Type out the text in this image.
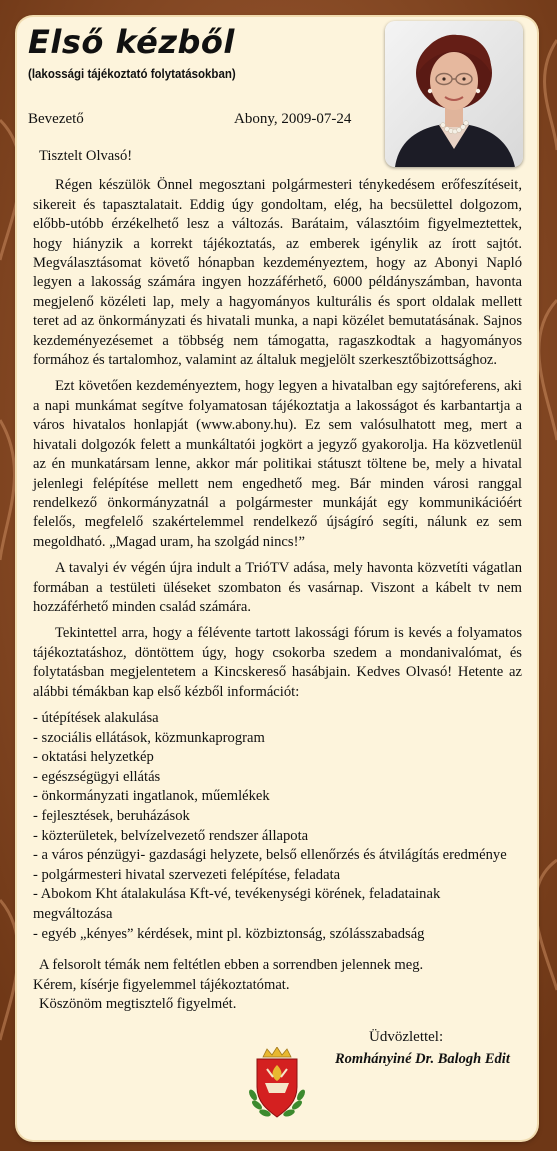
Első kézből
(lakossági tájékoztató folytatásokban)
Bevezető	Abony, 2009-07-24

Tisztelt Olvasó!

Régen készülök Önnel megosztani polgármesteri ténykedésem erőfeszítéseit, sikereit és tapasztalatait. Eddig úgy gondoltam, elég, ha becsülettel dolgozom, előbb-utóbb érzékelhető lesz a változás. Barátaim, választóim figyelmeztettek, hogy hiányzik a korrekt tájékoztatás, az emberek igénylik az írott sajtót. Megválasztásomat követő hónapban kezdeményeztem, hogy az Abonyi Napló legyen a lakosság számára ingyen hozzáférhető, 6000 példányszámban, havonta megjelenő közéleti lap, mely a hagyományos kulturális és sport oldalak mellett teret ad az önkormányzati és hivatali munka, a napi közélet bemutatásának. Sajnos kezdeményezésemet a többség nem támogatta, ragaszkodtak a hagyományos formához és tartalomhoz, valamint az általuk megjelölt szerkesztőbizottsághoz.

Ezt követően kezdeményeztem, hogy legyen a hivatalban egy sajtóreferens, aki a napi munkámat segítve folyamatosan tájékoztatja a lakosságot és karbantartja a város hivatalos honlapját (www.abony.hu). Ez sem valósulhatott meg, mert a hivatali dolgozók felett a munkáltatói jogkört a jegyző gyakorolja. Ha közvetlenül az én munkatársam lenne, akkor már politikai státuszt töltene be, mely a hivatal jelenlegi felépítése mellett nem engedhető meg. Bár minden városi ranggal rendelkező önkormányzatnál a polgármester munkáját egy kommunikációért felelős, megfelelő szakértelemmel rendelkező újságíró segíti, nálunk ez sem megoldható. „Magad uram, ha szolgád nincs!”

A tavalyi év végén újra indult a TrióTV adása, mely havonta közvetíti vágatlan formában a testületi üléseket szombaton és vasárnap. Viszont a kábelt tv nem hozzáférhető minden család számára.

Tekintettel arra, hogy a félévente tartott lakossági fórum is kevés a folyamatos tájékoztatáshoz, döntöttem úgy, hogy csokorba szedem a mondanivalómat, és folytatásban megjelentetem a Kincskereső hasábjain. Kedves Olvasó! Hetente az alábbi témákban kap első kézből információt:

- útépítések alakulása
- szociális ellátások, közmunkaprogram
- oktatási helyzetkép
- egészségügyi ellátás
- önkormányzati ingatlanok, műemlékek
- fejlesztések, beruházások
- közterületek, belvízelvezető rendszer állapota
- a város pénzügyi- gazdasági helyzete, belső ellenőrzés és átvilágítás eredménye
- polgármesteri hivatal szervezeti felépítése, feladata
- Abokom Kht átalakulása Kft-vé, tevékenységi körének, feladatainak megváltozása
- egyéb „kényes” kérdések, mint pl. közbiztonság, szólásszabadság

A felsorolt témák nem feltétlen ebben a sorrendben jelennek meg.

Kérem, kísérje figyelemmel tájékoztatómat.

Köszönöm megtisztelő figyelmét.

Üdvözlettel:
Romhányiné Dr. Balogh Edit
